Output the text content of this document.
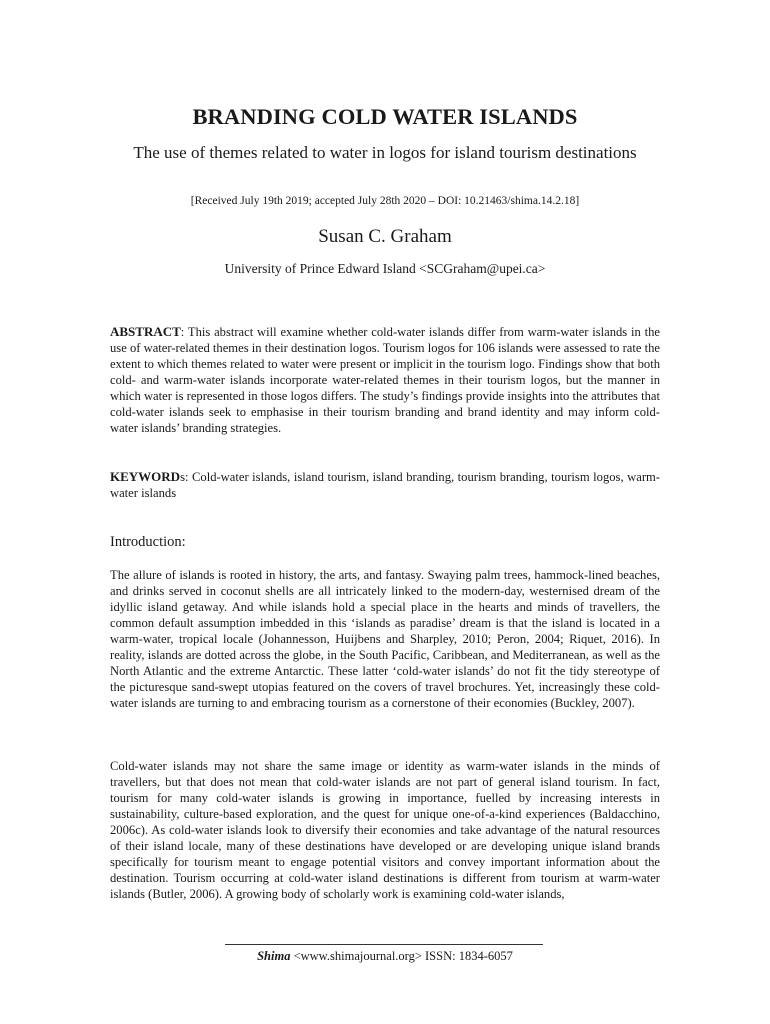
BRANDING COLD WATER ISLANDS
The use of themes related to water in logos for island tourism destinations
[Received July 19th 2019; accepted July 28th 2020 – DOI: 10.21463/shima.14.2.18]
Susan C. Graham
University of Prince Edward Island <SCGraham@upei.ca>
ABSTRACT: This abstract will examine whether cold-water islands differ from warm-water islands in the use of water-related themes in their destination logos. Tourism logos for 106 islands were assessed to rate the extent to which themes related to water were present or implicit in the tourism logo. Findings show that both cold- and warm-water islands incorporate water-related themes in their tourism logos, but the manner in which water is represented in those logos differs. The study’s findings provide insights into the attributes that cold-water islands seek to emphasise in their tourism branding and brand identity and may inform cold-water islands’ branding strategies.
KEYWORDs: Cold-water islands, island tourism, island branding, tourism branding, tourism logos, warm-water islands
Introduction:
The allure of islands is rooted in history, the arts, and fantasy. Swaying palm trees, hammock-lined beaches, and drinks served in coconut shells are all intricately linked to the modern-day, westernised dream of the idyllic island getaway. And while islands hold a special place in the hearts and minds of travellers, the common default assumption imbedded in this ‘islands as paradise’ dream is that the island is located in a warm-water, tropical locale (Johannesson, Huijbens and Sharpley, 2010; Peron, 2004; Riquet, 2016). In reality, islands are dotted across the globe, in the South Pacific, Caribbean, and Mediterranean, as well as the North Atlantic and the extreme Antarctic. These latter ‘cold-water islands’ do not fit the tidy stereotype of the picturesque sand-swept utopias featured on the covers of travel brochures. Yet, increasingly these cold-water islands are turning to and embracing tourism as a cornerstone of their economies (Buckley, 2007).
Cold-water islands may not share the same image or identity as warm-water islands in the minds of travellers, but that does not mean that cold-water islands are not part of general island tourism. In fact, tourism for many cold-water islands is growing in importance, fuelled by increasing interests in sustainability, culture-based exploration, and the quest for unique one-of-a-kind experiences (Baldacchino, 2006c). As cold-water islands look to diversify their economies and take advantage of the natural resources of their island locale, many of these destinations have developed or are developing unique island brands specifically for tourism meant to engage potential visitors and convey important information about the destination. Tourism occurring at cold-water island destinations is different from tourism at warm-water islands (Butler, 2006). A growing body of scholarly work is examining cold-water islands,
Shima <www.shimajournal.org> ISSN: 1834-6057
